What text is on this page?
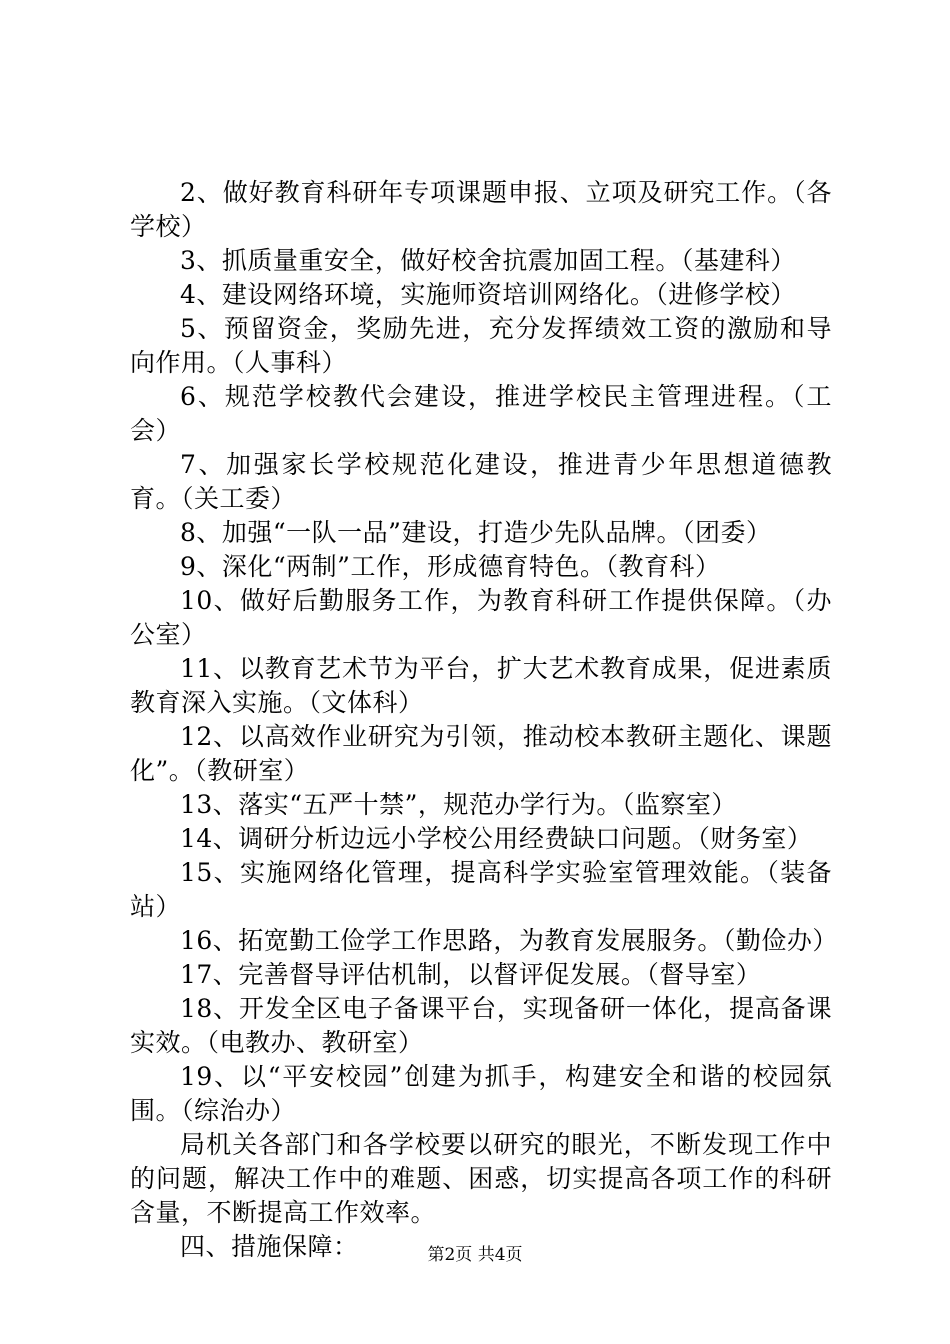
2、做好教育科研年专项课题申报、立项及研究工作。（各学校）

3、抓质量重安全，做好校舍抗震加固工程。（基建科）

4、建设网络环境，实施师资培训网络化。（进修学校）

5、预留资金，奖励先进，充分发挥绩效工资的激励和导向作用。（人事科）

6、规范学校教代会建设，推进学校民主管理进程。（工会）

7、加强家长学校规范化建设，推进青少年思想道德教育。（关工委）

8、加强“一队一品”建设，打造少先队品牌。（团委）

9、深化“两制”工作，形成德育特色。（教育科）

10、做好后勤服务工作，为教育科研工作提供保障。（办公室）

11、以教育艺术节为平台，扩大艺术教育成果，促进素质教育深入实施。（文体科）

12、以高效作业研究为引领，推动校本教研主题化、课题化”。（教研室）

13、落实“五严十禁”，规范办学行为。（监察室）

14、调研分析边远小学校公用经费缺口问题。（财务室）

15、实施网络化管理，提高科学实验室管理效能。（装备站）

16、拓宽勤工俭学工作思路，为教育发展服务。（勤俭办）

17、完善督导评估机制，以督评促发展。（督导室）

18、开发全区电子备课平台，实现备研一体化，提高备课实效。（电教办、教研室）

19、以“平安校园”创建为抓手，构建安全和谐的校园氛围。（综治办）

局机关各部门和各学校要以研究的眼光，不断发现工作中的问题，解决工作中的难题、困惑，切实提高各项工作的科研含量，不断提高工作效率。

四、措施保障：	第2页 共4页
